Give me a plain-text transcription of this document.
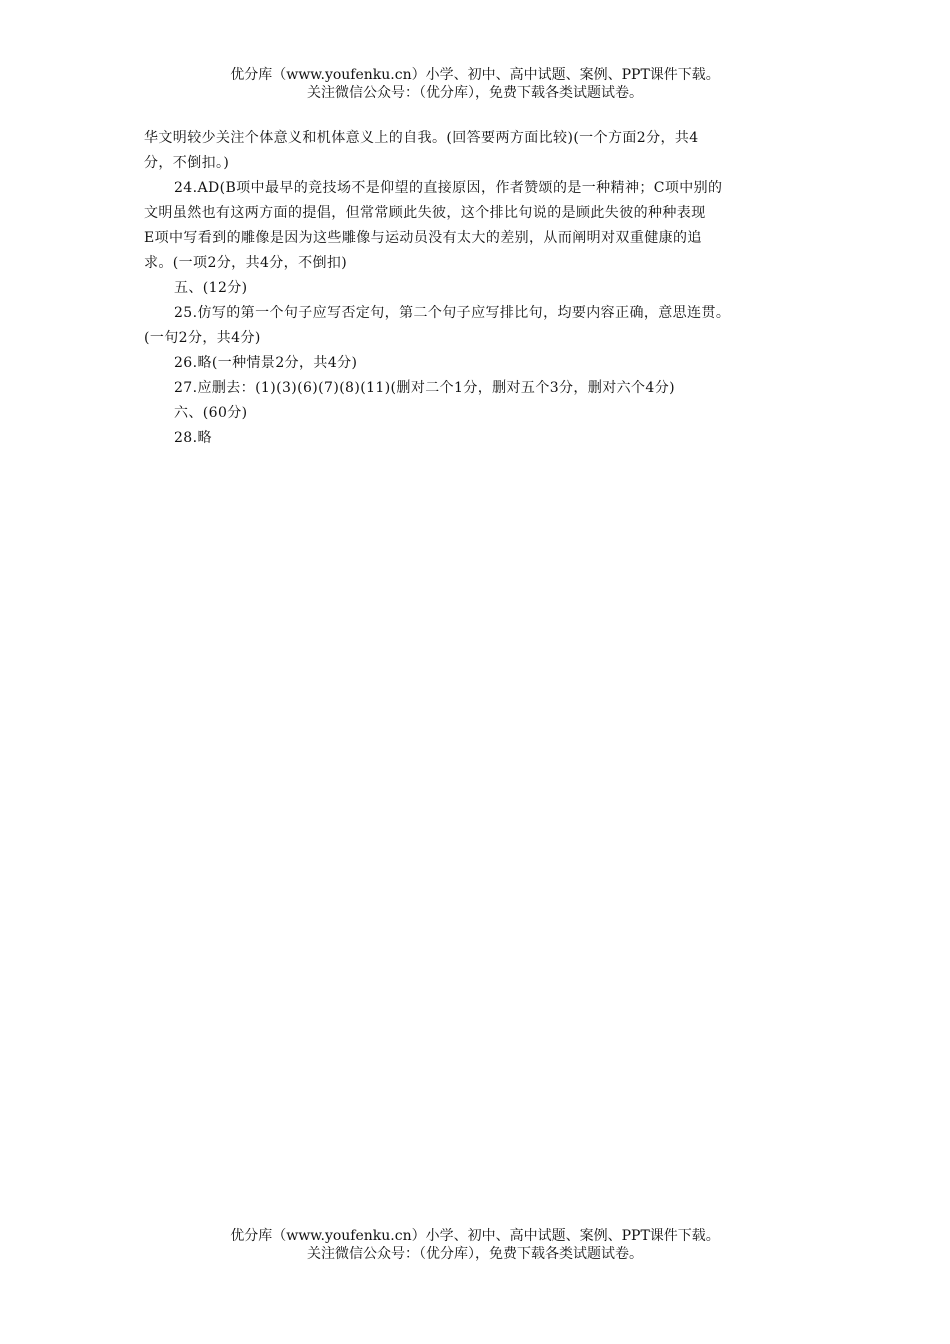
优分库（www.youfenku.cn）小学、初中、高中试题、案例、PPT课件下载。
关注微信公众号：（优分库），免费下载各类试题试卷。

华文明较少关注个体意义和机体意义上的自我。(回答要两方面比较)(一个方面2分，共4

分，不倒扣。)

24.AD(B项中最早的竞技场不是仰望的直接原因，作者赞颂的是一种精神；C项中别的

文明虽然也有这两方面的提倡，但常常顾此失彼，这个排比句说的是顾此失彼的种种表现

E项中写看到的雕像是因为这些雕像与运动员没有太大的差别，从而阐明对双重健康的追

求。(一项2分，共4分，不倒扣)

五、(12分)

25.仿写的第一个句子应写否定句，第二个句子应写排比句，均要内容正确，意思连贯。

(一句2分，共4分)

26.略(一种情景2分，共4分)

27.应删去：(1)(3)(6)(7)(8)(11)(删对二个1分，删对五个3分，删对六个4分)

六、(60分)

28.略

优分库（www.youfenku.cn）小学、初中、高中试题、案例、PPT课件下载。
关注微信公众号：（优分库），免费下载各类试题试卷。
